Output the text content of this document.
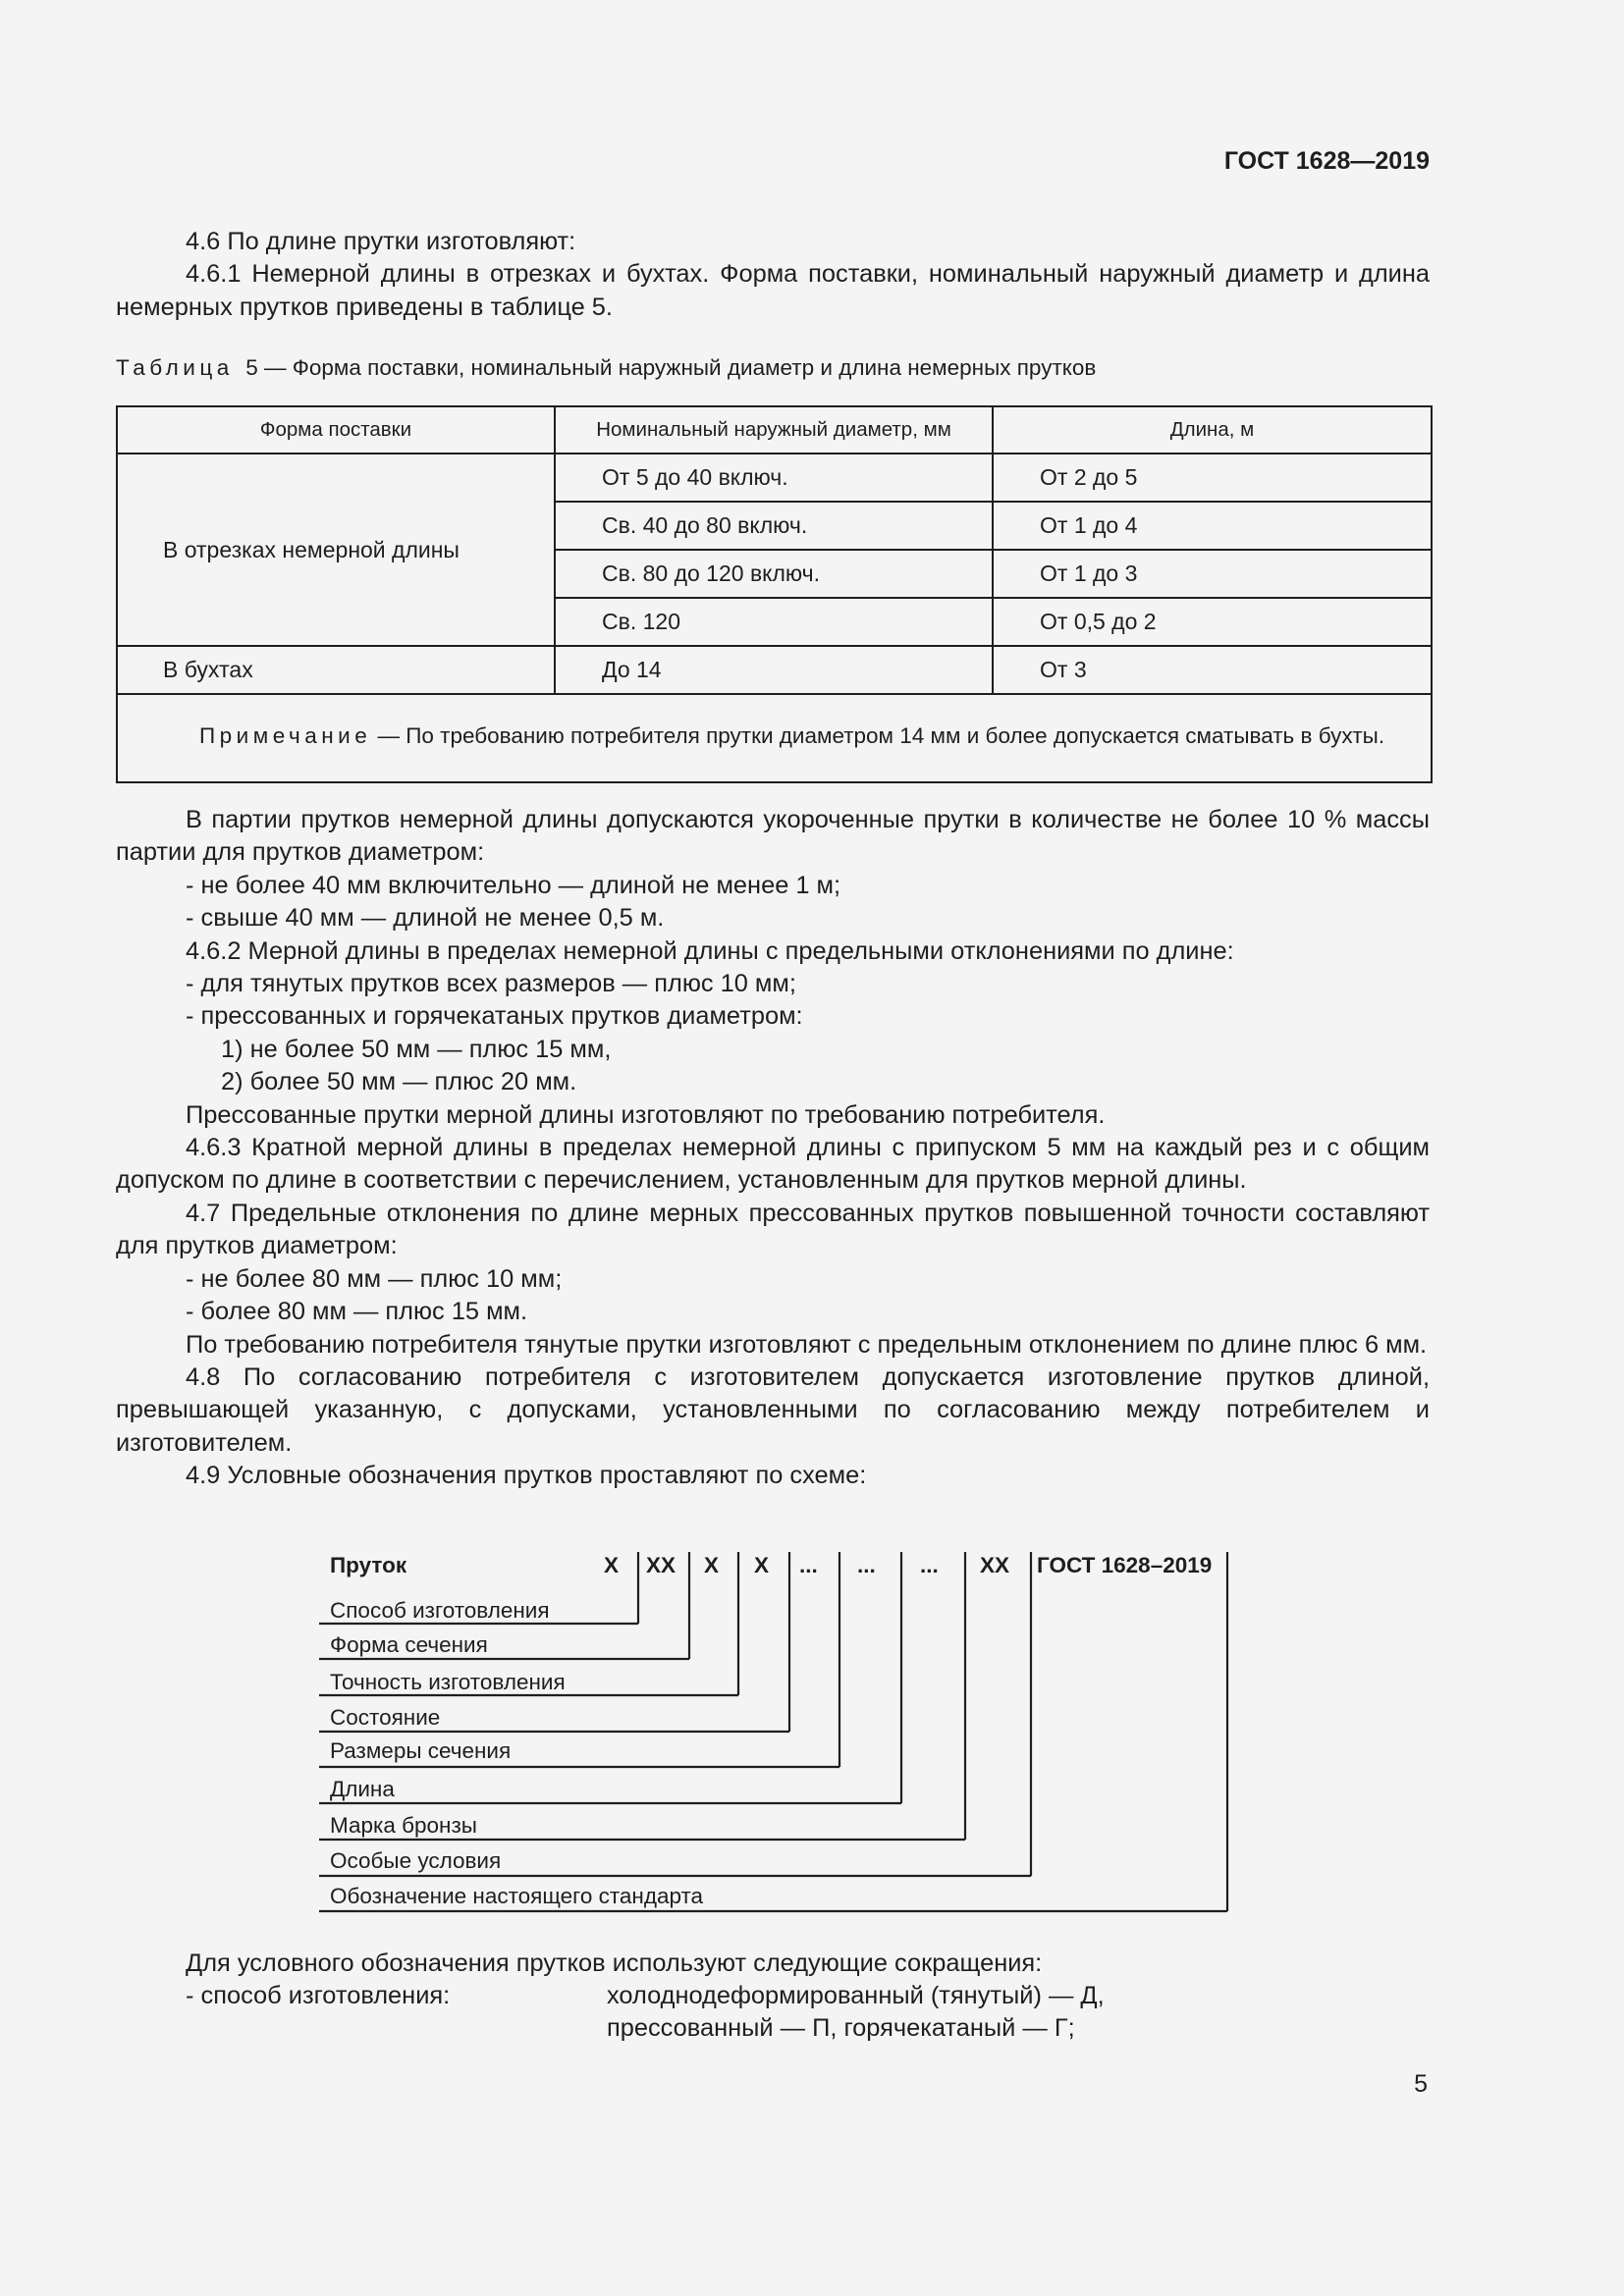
ГОСТ 1628—2019

4.6 По длине прутки изготовляют:

4.6.1 Немерной длины в отрезках и бухтах. Форма поставки, номинальный наружный диаметр и длина немерных прутков приведены в таблице 5.

Таблица 5 — Форма поставки, номинальный наружный диаметр и длина немерных прутков
Форма поставки	Номинальный наружный диаметр, мм	Длина, м
В отрезках немерной длины	От 5 до 40 включ.	От 2 до 5
	Св. 40 до 80 включ.	От 1 до 4
	Св. 80 до 120 включ.	От 1 до 3
	Св. 120	От 0,5 до 2
В бухтах	До 14	От 3

Примечание — По требованию потребителя прутки диаметром 14 мм и более допускается сматывать в бухты.		

В партии прутков немерной длины допускаются укороченные прутки в количестве не более 10 % массы партии для прутков диаметром:

- не более 40 мм включительно — длиной не менее 1 м;

- свыше 40 мм — длиной не менее 0,5 м.

4.6.2 Мерной длины в пределах немерной длины с предельными отклонениями по длине:

- для тянутых прутков всех размеров — плюс 10 мм;

- прессованных и горячекатаных прутков диаметром:

1) не более 50 мм — плюс 15 мм,

2) более 50 мм — плюс 20 мм.

Прессованные прутки мерной длины изготовляют по требованию потребителя.

4.6.3 Кратной мерной длины в пределах немерной длины с припуском 5 мм на каждый рез и с общим допуском по длине в соответствии с перечислением, установленным для прутков мерной длины.

4.7 Предельные отклонения по длине мерных прессованных прутков повышенной точности составляют для прутков диаметром:

- не более 80 мм — плюс 10 мм;

- более 80 мм — плюс 15 мм.

По требованию потребителя тянутые прутки изготовляют с предельным отклонением по длине плюс 6 мм.

4.8 По согласованию потребителя с изготовителем допускается изготовление прутков длиной, превышающей указанную, с допусками, установленными по согласованию между потребителем и изготовителем.

4.9 Условные обозначения прутков проставляют по схеме:

Пруток	Х ХХ Х Х ... ... ... ХХ ГОСТ 1628–2019
Способ изготовления
Форма сечения
Точность изготовления
Состояние
Размеры сечения
Длина
Марка бронзы
Особые условия
Обозначение настоящего стандарта

Для условного обозначения прутков используют следующие сокращения:

- способ изготовления:	холоднодеформированный (тянутый) — Д,
прессованный — П, горячекатаный — Г;
5
